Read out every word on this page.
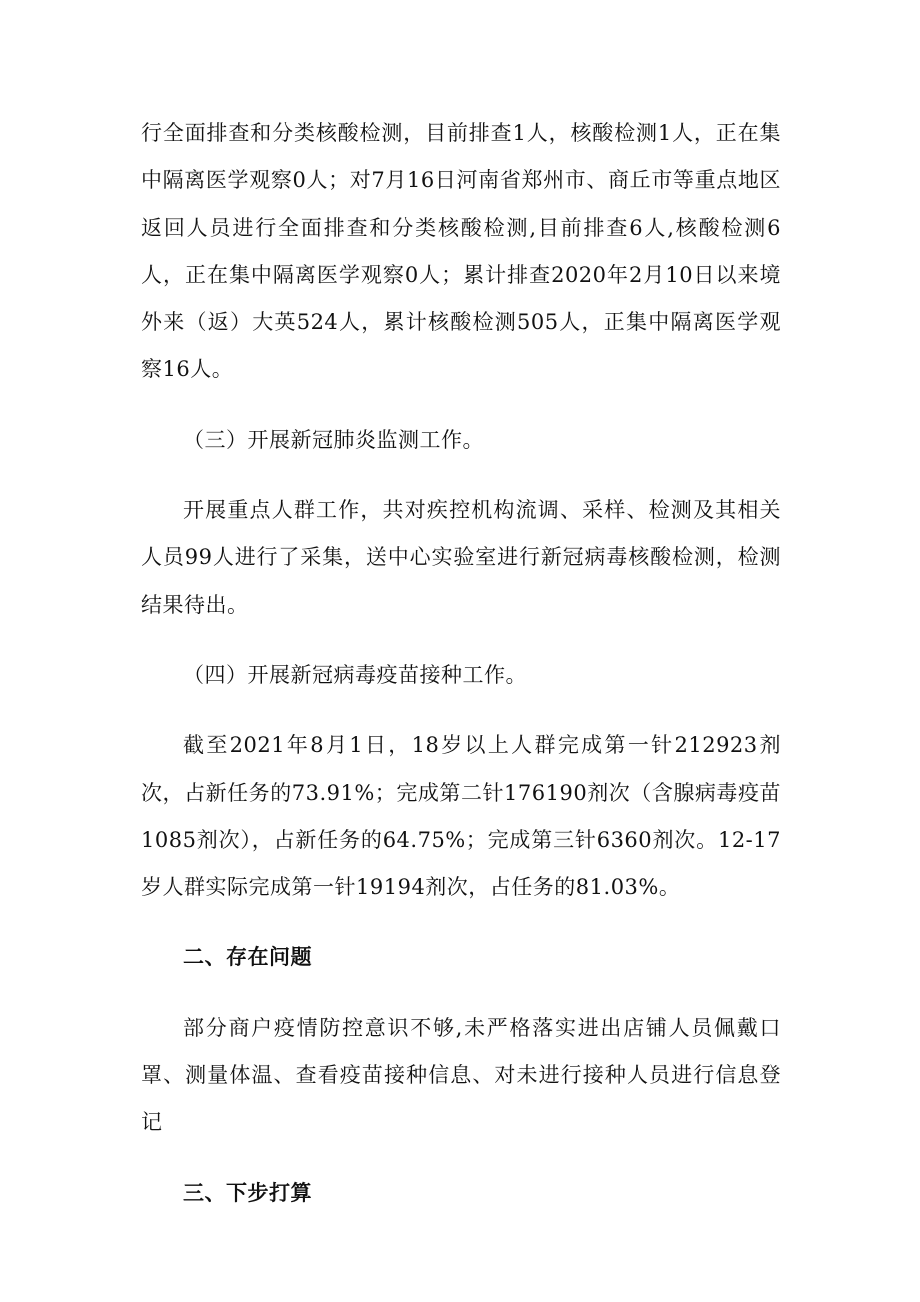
行全面排查和分类核酸检测，目前排查1人，核酸检测1人，正在集中隔离医学观察0人；对7月16日河南省郑州市、商丘市等重点地区返回人员进行全面排查和分类核酸检测,目前排查6人,核酸检测6人，正在集中隔离医学观察0人；累计排查2020年2月10日以来境外来（返）大英524人，累计核酸检测505人，正集中隔离医学观察16人。

（三）开展新冠肺炎监测工作。

开展重点人群工作，共对疾控机构流调、采样、检测及其相关人员99人进行了采集，送中心实验室进行新冠病毒核酸检测，检测结果待出。

（四）开展新冠病毒疫苗接种工作。

截至2021年8月1日，18岁以上人群完成第一针212923剂次，占新任务的73.91%；完成第二针176190剂次（含腺病毒疫苗1085剂次），占新任务的64.75%；完成第三针6360剂次。12-17岁人群实际完成第一针19194剂次，占任务的81.03%。

二、存在问题

部分商户疫情防控意识不够,未严格落实进出店铺人员佩戴口罩、测量体温、查看疫苗接种信息、对未进行接种人员进行信息登记

三、下步打算
